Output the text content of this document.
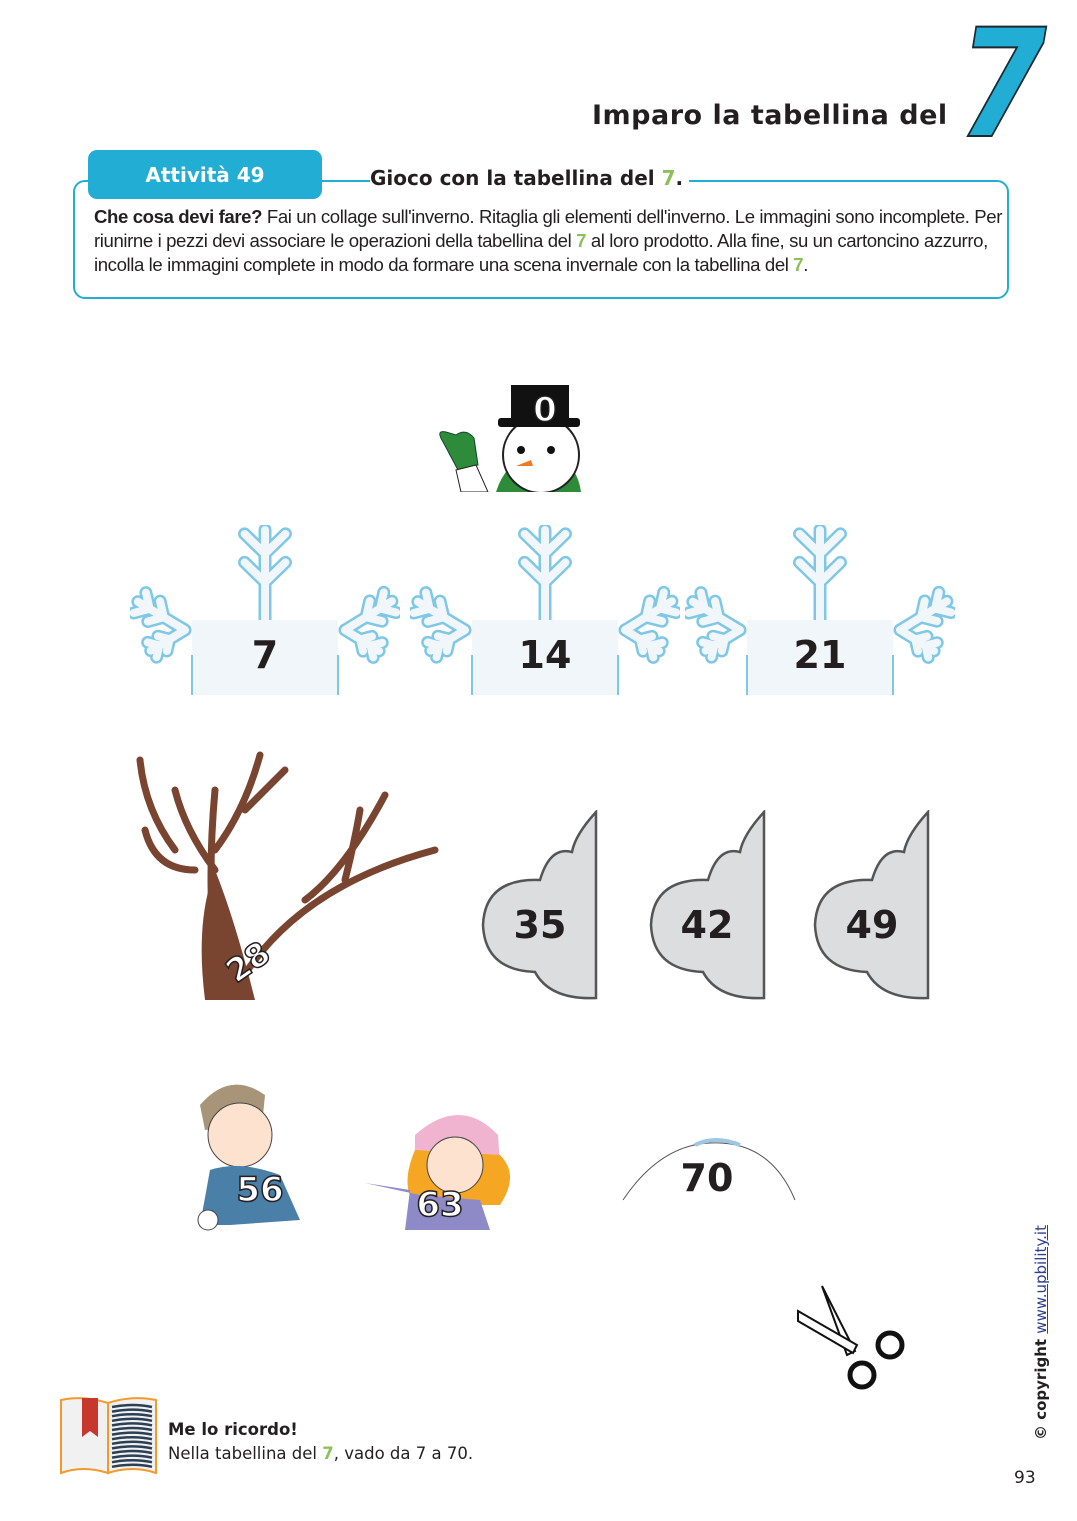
Imparo la tabellina del 7
Attività 49	Gioco con la tabellina del 7.
Che cosa devi fare? Fai un collage sull'inverno. Ritaglia gli elementi dell'inverno. Le immagini sono incomplete. Per riunirne i pezzi devi associare le operazioni della tabellina del 7 al loro prodotto. Alla fine, su un cartoncino azzurro, incolla le immagini complete in modo da formare una scena invernale con la tabellina del 7.
0
7	14	21
28
35	42	49
56	63
70
Me lo ricordo!
Nella tabellina del 7, vado da 7 a 70.
© copyright www.upbility.it
93
